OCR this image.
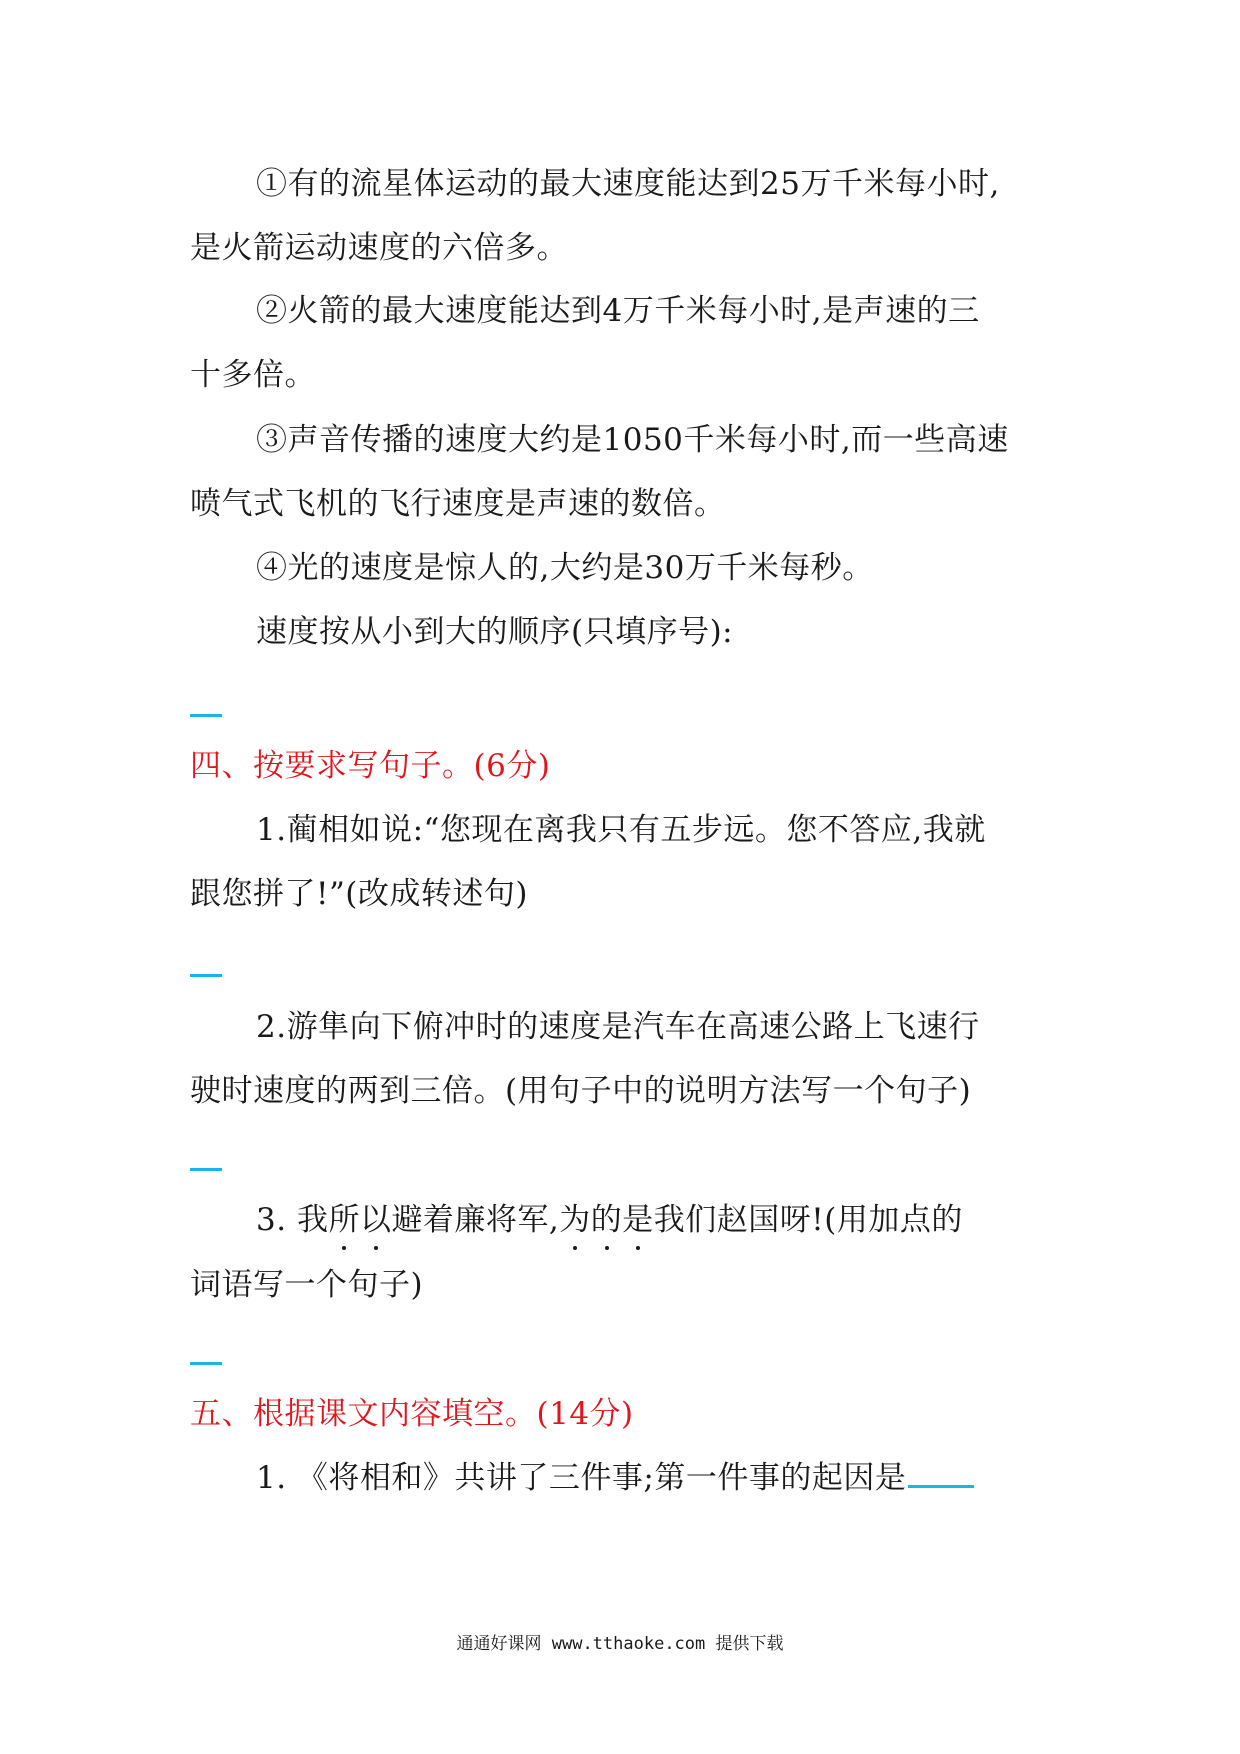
①有的流星体运动的最大速度能达到25万千米每小时,
是火箭运动速度的六倍多。
②火箭的最大速度能达到4万千米每小时,是声速的三
十多倍。
③声音传播的速度大约是1050千米每小时,而一些高速
喷气式飞机的飞行速度是声速的数倍。
④光的速度是惊人的,大约是30万千米每秒。
速度按从小到大的顺序(只填序号):
四、按要求写句子。(6分)
1.蔺相如说:“您现在离我只有五步远。您不答应,我就
跟您拼了!”(改成转述句)
2.游隼向下俯冲时的速度是汽车在高速公路上飞速行
驶时速度的两到三倍。(用句子中的说明方法写一个句子)
3. 我所以避着廉将军,为的是我们赵国呀!(用加点的
词语写一个句子)
五、根据课文内容填空。(14分)
1. 《将相和》共讲了三件事;第一件事的起因是
通通好课网 www.tthaoke.com 提供下载
